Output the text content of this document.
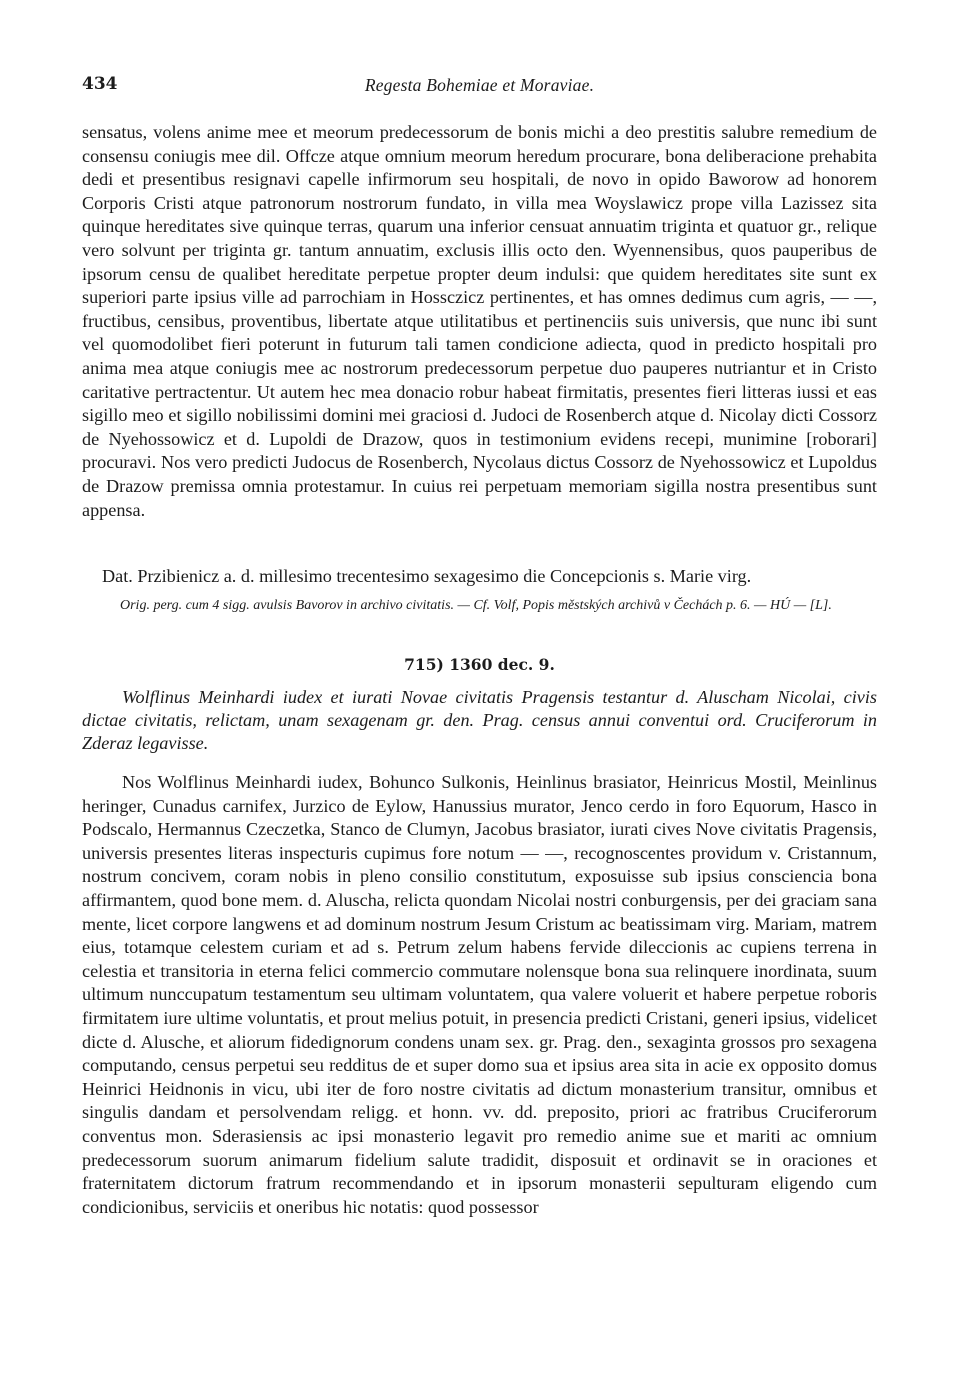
434	Regesta Bohemiae et Moraviae.

sensatus, volens anime mee et meorum predecessorum de bonis michi a deo prestitis salubre remedium de consensu coniugis mee dil. Offcze atque omnium meorum heredum procurare, bona deliberacione prehabita dedi et presentibus resignavi capelle infirmorum seu hospitali, de novo in opido Baworow ad honorem Corporis Cristi atque patronorum nostrorum fundato, in villa mea Woyslawicz prope villa Lazissez sita quinque hereditates sive quinque terras, quarum una inferior censuat annuatim triginta et quatuor gr., relique vero solvunt per triginta gr. tantum annuatim, exclusis illis octo den. Wyennensibus, quos pauperibus de ipsorum censu de qualibet hereditate perpetue propter deum indulsi: que quidem hereditates site sunt ex superiori parte ipsius ville ad parrochiam in Hossczicz pertinentes, et has omnes dedimus cum agris, — —, fructibus, censibus, proventibus, libertate atque utilitatibus et pertinenciis suis universis, que nunc ibi sunt vel quomodolibet fieri poterunt in futurum tali tamen condicione adiecta, quod in predicto hospitali pro anima mea atque coniugis mee ac nostrorum predecessorum perpetue duo pauperes nutriantur et in Cristo caritative pertractentur. Ut autem hec mea donacio robur habeat firmitatis, presentes fieri litteras iussi et eas sigillo meo et sigillo nobilissimi domini mei graciosi d. Judoci de Rosenberch atque d. Nicolay dicti Cossorz de Nyehossowicz et d. Lupoldi de Drazow, quos in testimonium evidens recepi, munimine [roborari] procuravi. Nos vero predicti Judocus de Rosenberch, Nycolaus dictus Cossorz de Nyehossowicz et Lupoldus de Drazow premissa omnia protestamur. In cuius rei perpetuam memoriam sigilla nostra presentibus sunt appensa.

Dat. Przibienicz a. d. millesimo trecentesimo sexagesimo die Concepcionis s. Marie virg.

Orig. perg. cum 4 sigg. avulsis Bavorov in archivo civitatis. — Cf. Volf, Popis městských archivů v Čechách p. 6. — HÚ — [L].

715) 1360 dec. 9.

Wolflinus Meinhardi iudex et iurati Novae civitatis Pragensis testantur d. Aluscham Nicolai, civis dictae civitatis, relictam, unam sexagenam gr. den. Prag. census annui conventui ord. Cruciferorum in Zderaz legavisse.

Nos Wolflinus Meinhardi iudex, Bohunco Sulkonis, Heinlinus brasiator, Heinricus Mostil, Meinlinus heringer, Cunadus carnifex, Jurzico de Eylow, Hanussius murator, Jenco cerdo in foro Equorum, Hasco in Podscalo, Hermannus Czeczetka, Stanco de Clumyn, Jacobus brasiator, iurati cives Nove civitatis Pragensis, universis presentes literas inspecturis cupimus fore notum — —, recognoscentes providum v. Cristannum, nostrum concivem, coram nobis in pleno consilio constitutum, exposuisse sub ipsius consciencia bona affirmantem, quod bone mem. d. Aluscha, relicta quondam Nicolai nostri conburgensis, per dei graciam sana mente, licet corpore langwens et ad dominum nostrum Jesum Cristum ac beatissimam virg. Mariam, matrem eius, totamque celestem curiam et ad s. Petrum zelum habens fervide dileccionis ac cupiens terrena in celestia et transitoria in eterna felici commercio commutare nolensque bona sua relinquere inordinata, suum ultimum nunccupatum testamentum seu ultimam voluntatem, qua valere voluerit et habere perpetue roboris firmitatem iure ultime voluntatis, et prout melius potuit, in presencia predicti Cristani, generi ipsius, videlicet dicte d. Alusche, et aliorum fidedignorum condens unam sex. gr. Prag. den., sexaginta grossos pro sexagena computando, census perpetui seu redditus de et super domo sua et ipsius area sita in acie ex opposito domus Heinrici Heidnonis in vicu, ubi iter de foro nostre civitatis ad dictum monasterium transitur, omnibus et singulis dandam et persolvendam religg. et honn. vv. dd. preposito, priori ac fratribus Cruciferorum conventus mon. Sderasiensis ac ipsi monasterio legavit pro remedio anime sue et mariti ac omnium predecessorum suorum animarum fidelium salute tradidit, disposuit et ordinavit se in oraciones et fraternitatem dictorum fratrum recommendando et in ipsorum monasterii sepulturam eligendo cum condicionibus, serviciis et oneribus hic notatis: quod possessor
